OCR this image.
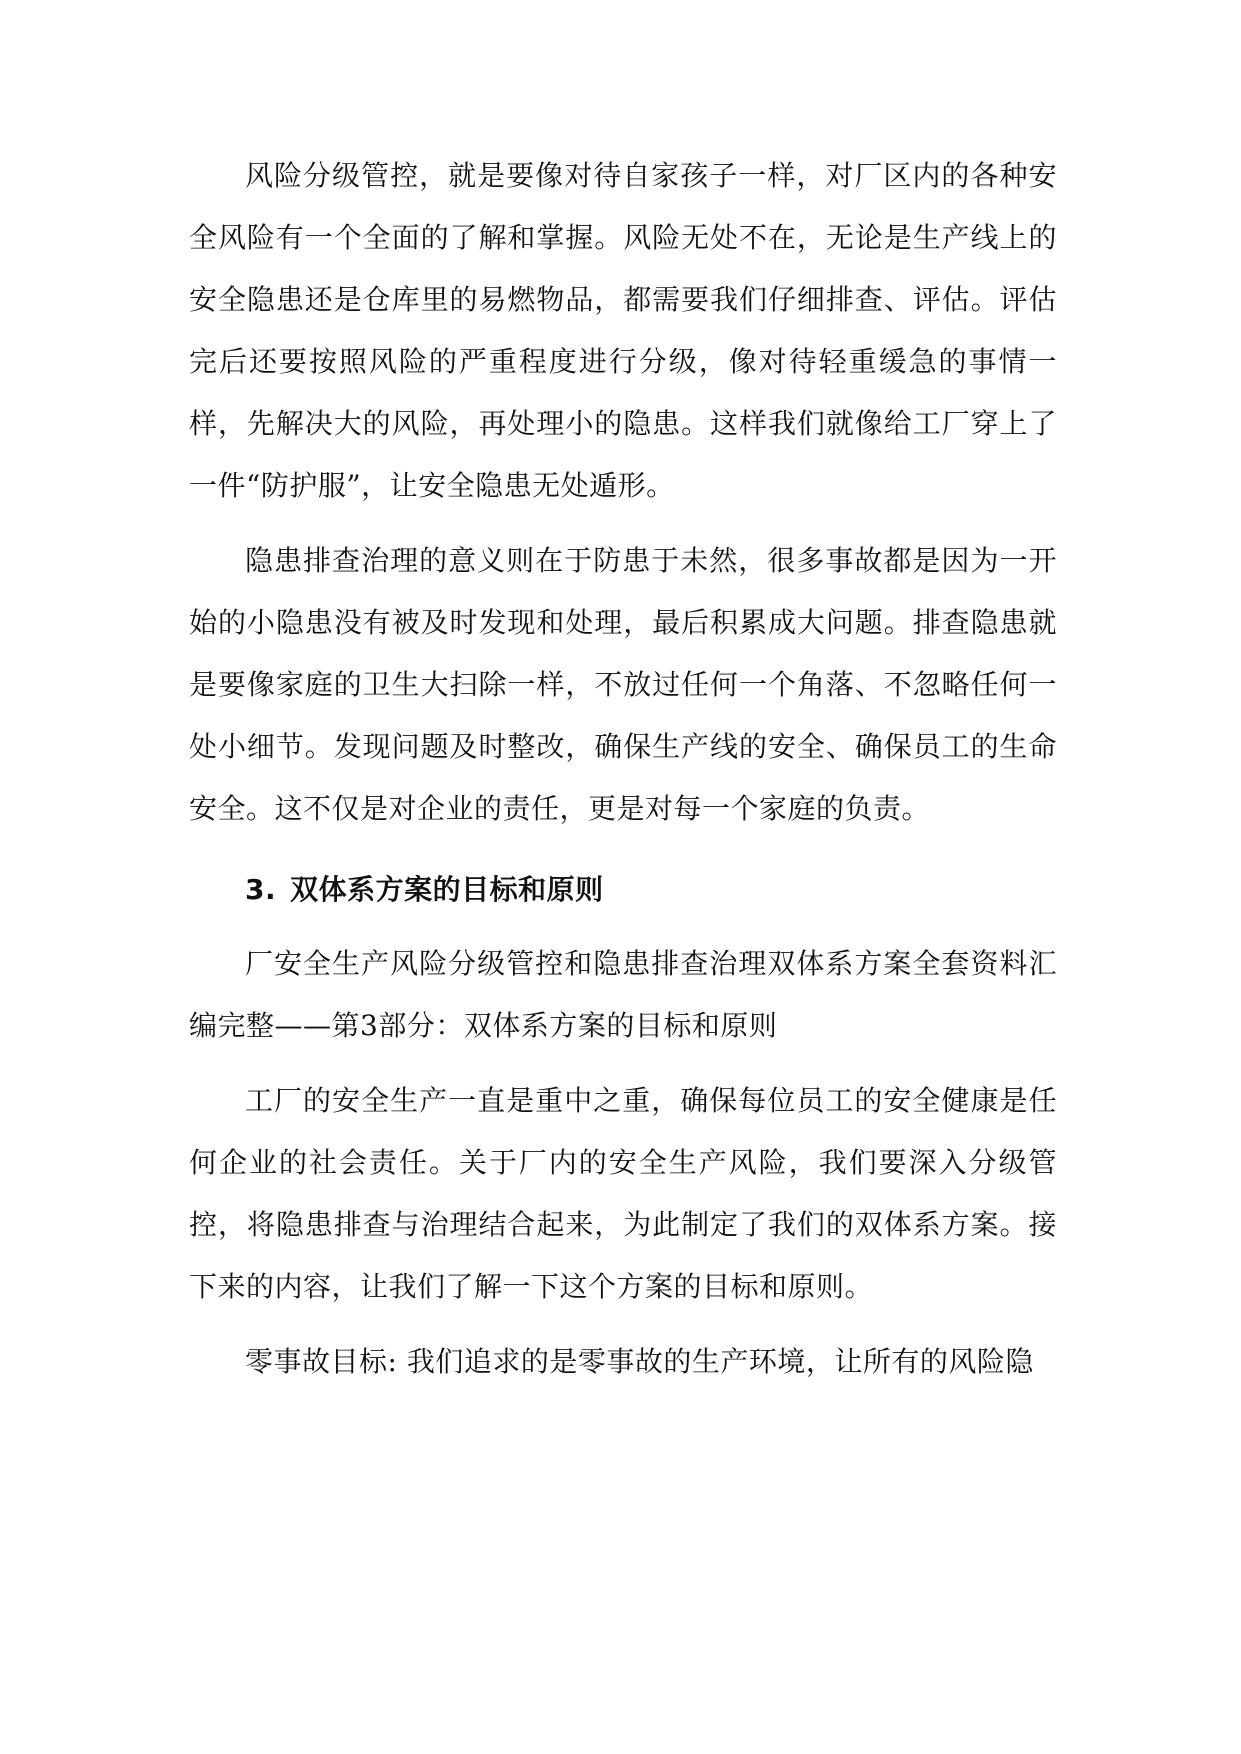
风险分级管控，就是要像对待自家孩子一样，对厂区内的各种安全风险有一个全面的了解和掌握。风险无处不在，无论是生产线上的安全隐患还是仓库里的易燃物品，都需要我们仔细排查、评估。评估完后还要按照风险的严重程度进行分级，像对待轻重缓急的事情一样，先解决大的风险，再处理小的隐患。这样我们就像给工厂穿上了一件“防护服”，让安全隐患无处遁形。

隐患排查治理的意义则在于防患于未然，很多事故都是因为一开始的小隐患没有被及时发现和处理，最后积累成大问题。排查隐患就是要像家庭的卫生大扫除一样，不放过任何一个角落、不忽略任何一处小细节。发现问题及时整改，确保生产线的安全、确保员工的生命安全。这不仅是对企业的责任，更是对每一个家庭的负责。

3. 双体系方案的目标和原则

厂安全生产风险分级管控和隐患排查治理双体系方案全套资料汇编完整——第3部分：双体系方案的目标和原则

工厂的安全生产一直是重中之重，确保每位员工的安全健康是任何企业的社会责任。关于厂内的安全生产风险，我们要深入分级管控，将隐患排查与治理结合起来，为此制定了我们的双体系方案。接下来的内容，让我们了解一下这个方案的目标和原则。

零事故目标: 我们追求的是零事故的生产环境，让所有的风险隐
